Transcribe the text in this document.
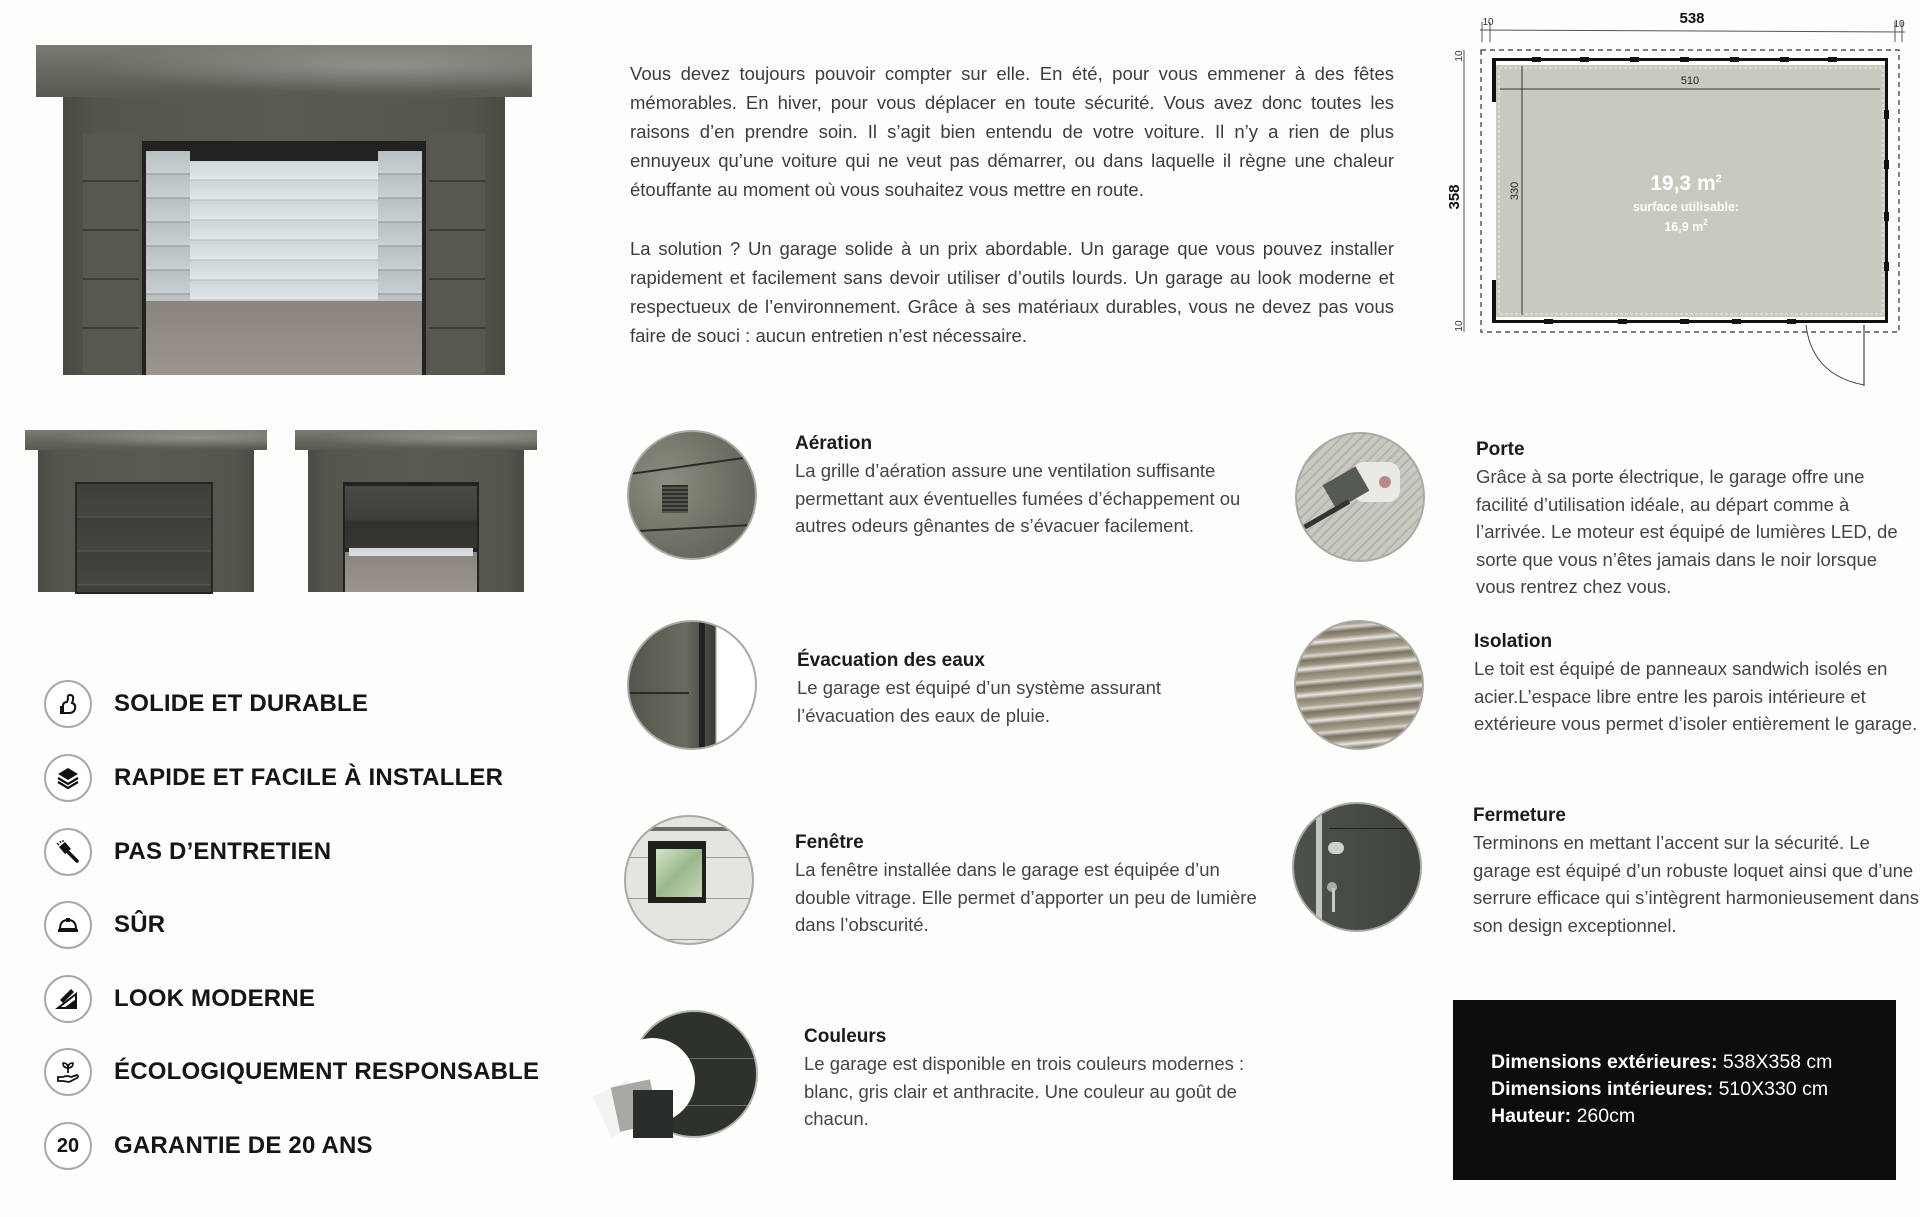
Vous devez toujours pouvoir compter sur elle. En été, pour vous emmener à des fêtes mémorables. En hiver, pour vous déplacer en toute sécurité. Vous avez donc toutes les raisons d’en prendre soin. Il s’agit bien entendu de votre voiture. Il n’y a rien de plus ennuyeux qu’une voiture qui ne veut pas démarrer, ou dans laquelle il règne une chaleur étouffante au moment où vous souhaitez vous mettre en route.

La solution ? Un garage solide à un prix abordable. Un garage que vous pouvez installer rapidement et facilement sans devoir utiliser d’outils lourds. Un garage au look moderne et respectueux de l’environnement. Grâce à ses matériaux durables, vous ne devez pas vous faire de souci : aucun entretien n’est nécessaire.

538
10	10
358
10
10
510
330	19,3 $m^2$
surface utilisable:
16,9 $m^2$
Aération
La grille d’aération assure une ventilation suffisante permettant aux éventuelles fumées d’échappement ou autres odeurs gênantes de s’évacuer facilement.
Évacuation des eaux
Le garage est équipé d’un système assurant l’évacuation des eaux de pluie.
Fenêtre
La fenêtre installée dans le garage est équipée d’un double vitrage. Elle permet d’apporter un peu de lumière dans l’obscurité.
Couleurs
Le garage est disponible en trois couleurs modernes : blanc, gris clair et anthracite. Une couleur au goût de chacun.
Porte
Grâce à sa porte électrique, le garage offre une facilité d’utilisation idéale, au départ comme à l’arrivée. Le moteur est équipé de lumières LED, de sorte que vous n’êtes jamais dans le noir lorsque vous rentrez chez vous.
Isolation
Le toit est équipé de panneaux sandwich isolés en acier.L’espace libre entre les parois intérieure et extérieure vous permet d’isoler entièrement le garage.
Fermeture
Terminons en mettant l’accent sur la sécurité. Le garage est équipé d’un robuste loquet ainsi que d’une serrure efficace qui s’intègrent harmonieusement dans son design exceptionnel.
SOLIDE ET DURABLE
RAPIDE ET FACILE À INSTALLER
PAS D’ENTRETIEN
SÛR
LOOK MODERNE
ÉCOLOGIQUEMENT RESPONSABLE
20 GARANTIE DE 20 ANS
Dimensions extérieures: 538X358 cm
Dimensions intérieures: 510X330 cm
Hauteur: 260cm
